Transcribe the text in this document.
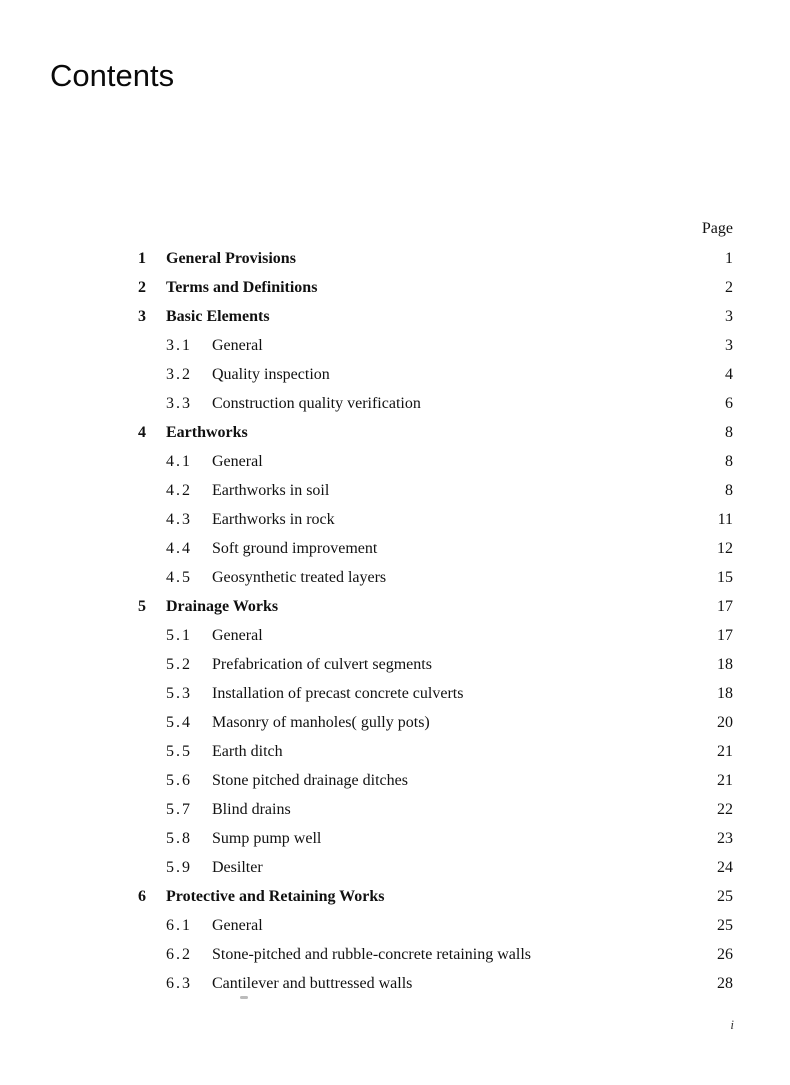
Contents
Page
1 General Provisions	1
2 Terms and Definitions	2
3 Basic Elements	3
3.1 General	3
3.2 Quality inspection	4
3.3 Construction quality verification	6
4 Earthworks	8
4.1 General	8
4.2 Earthworks in soil	8
4.3 Earthworks in rock	11
4.4 Soft ground improvement	12
4.5 Geosynthetic treated layers	15
5 Drainage Works	17
5.1 General	17
5.2 Prefabrication of culvert segments	18
5.3 Installation of precast concrete culverts	18
5.4 Masonry of manholes( gully pots)	20
5.5 Earth ditch	21
5.6 Stone pitched drainage ditches	21
5.7 Blind drains	22
5.8 Sump pump well	23
5.9 Desilter	24
6 Protective and Retaining Works	25
6.1 General	25
6.2 Stone-pitched and rubble-concrete retaining walls	26
6.3 Cantilever and buttressed walls	28
i
